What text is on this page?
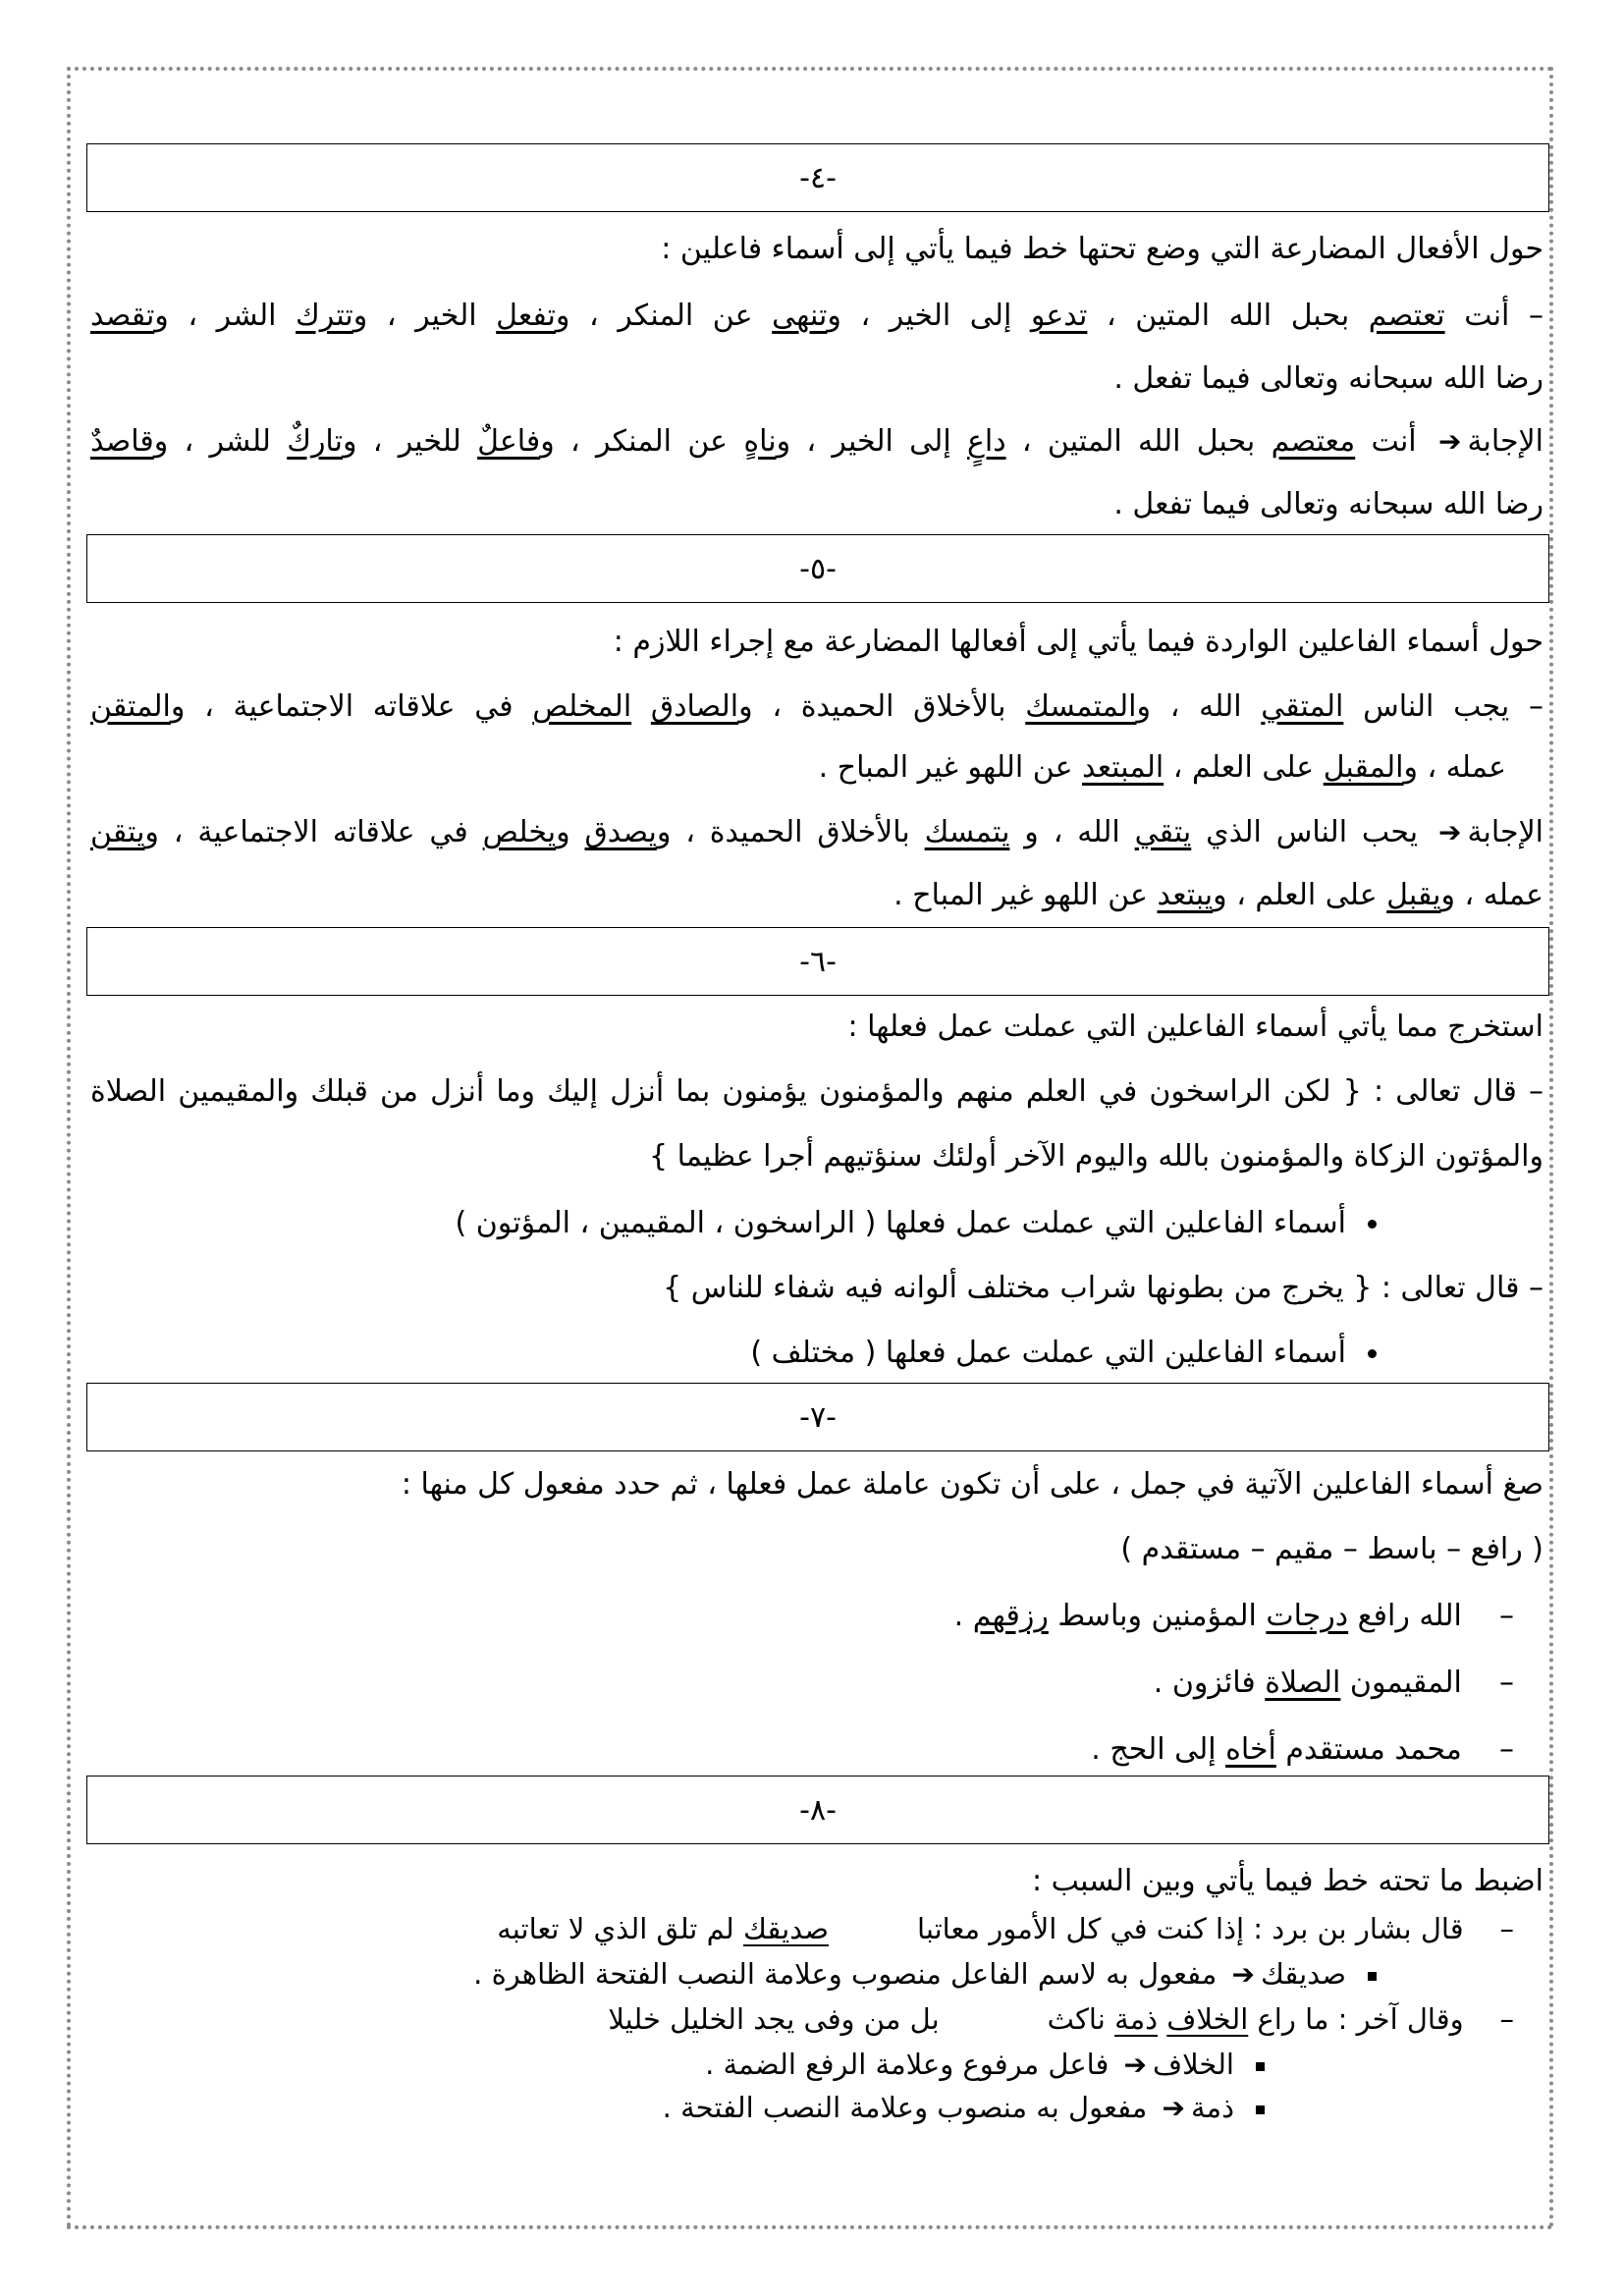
-٤-
حول الأفعال المضارعة التي وضع تحتها خط فيما يأتي إلى أسماء فاعلين :
– أنت تعتصم بحبل الله المتين ، تدعو إلى الخير ، وتنهى عن المنكر ، وتفعل الخير ، وتترك الشر ، وتقصد
رضا الله سبحانه وتعالى فيما تفعل .
الإجابة➔ أنت معتصم بحبل الله المتين ، داعٍ إلى الخير ، وناهٍ عن المنكر ، وفاعلٌ للخير ، وتاركٌ للشر ، وقاصدٌ
رضا الله سبحانه وتعالى فيما تفعل .
-٥-
حول أسماء الفاعلين الواردة فيما يأتي إلى أفعالها المضارعة مع إجراء اللازم :
– يجب الناس المتقي الله ، والمتمسك بالأخلاق الحميدة ، والصادق المخلص في علاقاته الاجتماعية ، والمتقن
عمله ، والمقبل على العلم ، المبتعد عن اللهو غير المباح .
الإجابة➔ يحب الناس الذي يتقي الله ، و يتمسك بالأخلاق الحميدة ، ويصدق ويخلص في علاقاته الاجتماعية ، ويتقن
عمله ، ويقبل على العلم ، ويبتعد عن اللهو غير المباح .
-٦-
استخرج مما يأتي أسماء الفاعلين التي عملت عمل فعلها :
– قال تعالى : { لكن الراسخون في العلم منهم والمؤمنون يؤمنون بما أنزل إليك وما أنزل من قبلك والمقيمين الصلاة
والمؤتون الزكاة والمؤمنون بالله واليوم الآخر أولئك سنؤتيهم أجرا عظيما }
أسماء الفاعلين التي عملت عمل فعلها ( الراسخون ، المقيمين ، المؤتون )
– قال تعالى : { يخرج من بطونها شراب مختلف ألوانه فيه شفاء للناس }
أسماء الفاعلين التي عملت عمل فعلها ( مختلف )
-٧-
صغ أسماء الفاعلين الآتية في جمل ، على أن تكون عاملة عمل فعلها ، ثم حدد مفعول كل منها :
( رافع – باسط – مقيم – مستقدم )
–    الله رافع درجات المؤمنين وباسط رزقهم .
–    المقيمون الصلاة فائزون .
–    محمد مستقدم أخاه إلى الحج .
-٨-
اضبط ما تحته خط فيما يأتي وبين السبب :
–    قال بشار بن برد : إذا كنت في كل الأمور معاتباصديقك لم تلق الذي لا تعاتبه
صديقك➔ مفعول به لاسم الفاعل منصوب وعلامة النصب الفتحة الظاهرة .
–    وقال آخر : ما راع الخلاف ذمة ناكثبل من وفى يجد الخليل خليلا
الخلاف➔ فاعل مرفوع وعلامة الرفع الضمة .
ذمة➔ مفعول به منصوب وعلامة النصب الفتحة .
